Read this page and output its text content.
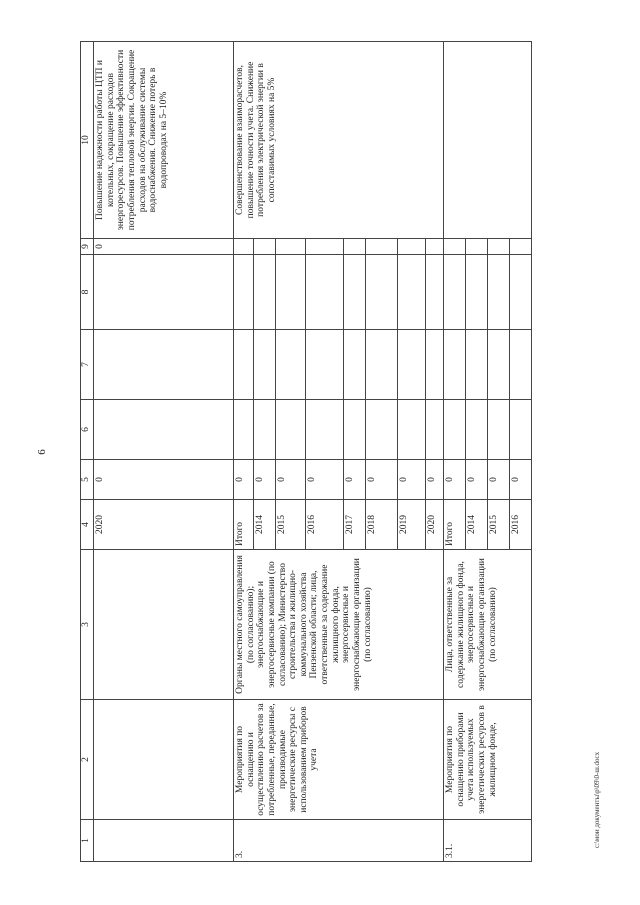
6
1	2	3	4	5	6	7	8	9	10
			2020	0				0	Повышение надежности работы ЦТП и котельных, сокращение расходов энергоресурсов. Повышение эффективности потребления тепловой энергии. Сокращение расходов на обслуживание системы водоснабжения. Снижение потерь в водопроводах на 5–10%
3.	Мероприятия по оснащению и осуществлению расчетов за потребленные, переданные, производимые энергетические ресурсы с использованием приборов учета	Органы местного самоуправления (по согласованию); энергоснабжающие и энергосервисные компании (по согласованию); Министерство строительства и жилищно-коммунального хозяйства Пензенской области; лица, ответственные за содержание жилищного фонда, энергосервисные и энергоснабжающие организации (по согласованию)	Итого	0					Совершенствование взаиморасчетов, повышение точности учета. Снижение потребления электрической энергии в сопоставимых условиях на 5%
			2014	0					
			2015	0					
			2016	0					
			2017	0					
			2018	0					
			2019	0					
			2020	0					
3.1.	Мероприятия по оснащению приборами учета используемых энергетических ресурсов в жилищном фонде,	Лица, ответственные за содержание жилищного фонда, энергосервисные и энергоснабжающие организации (по согласованию)	Итого	0					
			2014	0					
			2015	0					
			2016	0					
c:\мои документы\р\09\0-ш.docx
